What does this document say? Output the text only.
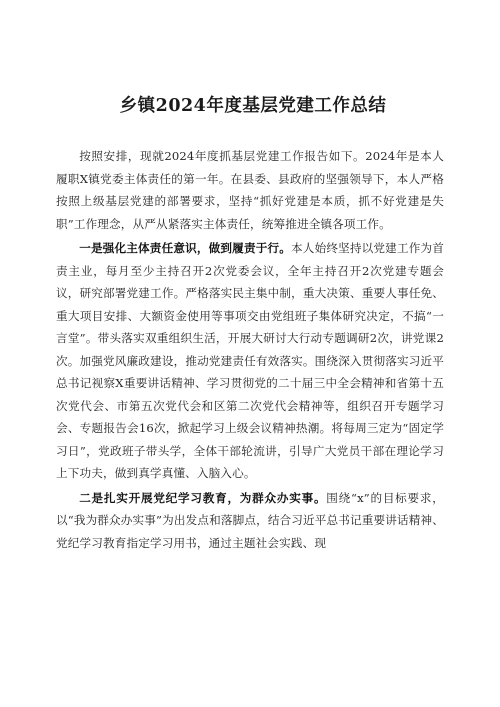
乡镇2024年度基层党建工作总结

按照安排，现就2024年度抓基层党建工作报告如下。2024年是本人履职X镇党委主体责任的第一年。在县委、县政府的坚强领导下，本人严格按照上级基层党建的部署要求，坚持“抓好党建是本质，抓不好党建是失职”工作理念，从严从紧落实主体责任，统筹推进全镇各项工作。

一是强化主体责任意识，做到履责于行。本人始终坚持以党建工作为首责主业，每月至少主持召开2次党委会议，全年主持召开2次党建专题会议，研究部署党建工作。严格落实民主集中制，重大决策、重要人事任免、重大项目安排、大额资金使用等事项交由党组班子集体研究决定，不搞“一言堂”。带头落实双重组织生活，开展大研讨大行动专题调研2次，讲党课2次。加强党风廉政建设，推动党建责任有效落实。围绕深入贯彻落实习近平总书记视察X重要讲话精神、学习贯彻党的二十届三中全会精神和省第十五次党代会、市第五次党代会和区第二次党代会精神等，组织召开专题学习会、专题报告会16次，掀起学习上级会议精神热潮。将每周三定为“固定学习日”，党政班子带头学，全体干部轮流讲，引导广大党员干部在理论学习上下功夫，做到真学真懂、入脑入心。

二是扎实开展党纪学习教育，为群众办实事。围绕“x”的目标要求，以“我为群众办实事”为出发点和落脚点，结合习近平总书记重要讲话精神、党纪学习教育指定学习用书，通过主题社会实践、现
